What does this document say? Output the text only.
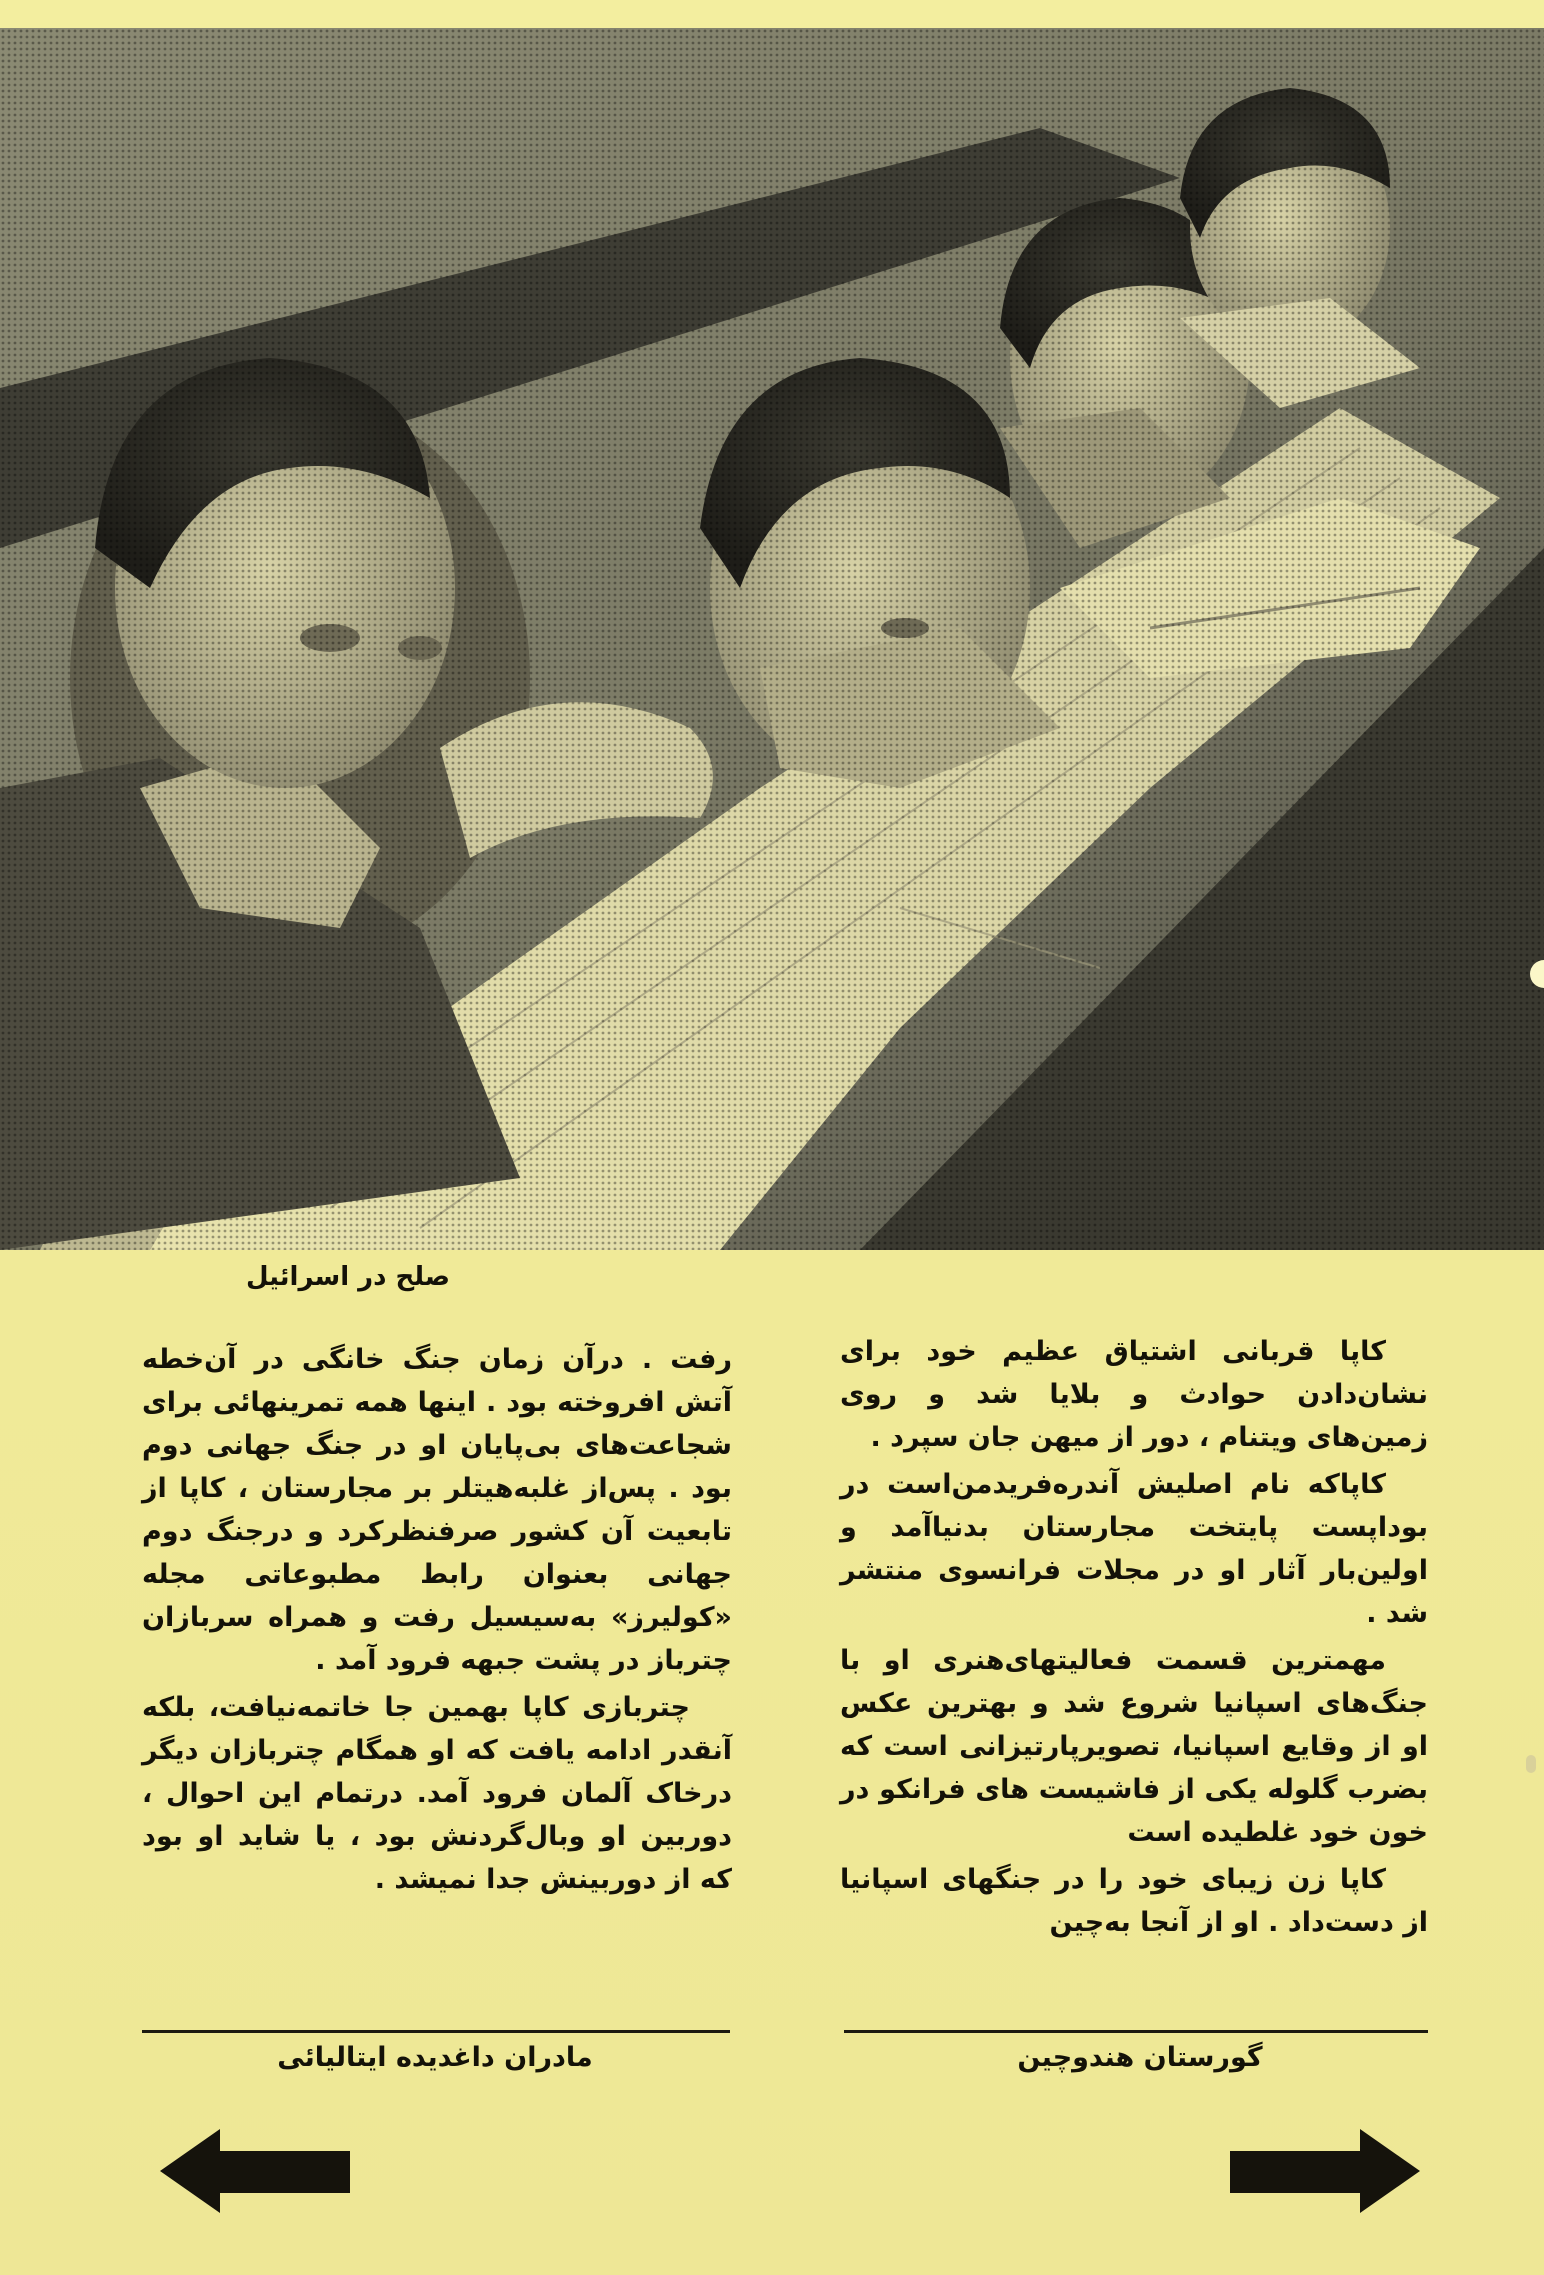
صلح در اسرائیل

کاپا قربانی اشتیاق عظیم خود برای نشان‌دادن حوادث و بلایا شد و روی زمین‌های ویتنام ، دور از میهن جان سپرد .

کاپاکه نام اصلیش آندره‌فریدمن‌است در بوداپست پایتخت مجارستان بدنیاآمد و اولین‌بار آثار او در مجلات فرانسوی منتشر شد .

مهمترین قسمت فعالیتهای‌هنری او با جنگ‌های اسپانیا شروع شد و بهترین عکس او از وقایع اسپانیا، تصویرپارتیزانی است که بضرب گلوله یکی از فاشیست های فرانکو در خون خود غلطیده است

کاپا زن زیبای خود را در جنگهای اسپانیا از دست‌داد . او از آنجا به‌چین

رفت . درآن زمان جنگ خانگی در آن‌خطه آتش افروخته بود . اینها همه تمرینهائی برای شجاعت‌های بی‌پایان او در جنگ جهانی دوم بود . پس‌از غلبه‌هیتلر بر مجارستان ، کاپا از تابعیت آن کشور صرفنظرکرد و درجنگ دوم جهانی بعنوان رابط مطبوعاتی مجله «کولیرز» به‌سیسیل رفت و همراه سربازان چترباز در پشت جبهه فرود آمد .

چتربازی کاپا بهمین جا خاتمه‌نیافت، بلکه آنقدر ادامه یافت که او همگام چتربازان دیگر درخاک آلمان فرود آمد. درتمام این احوال ، دوربین او وبال‌گردنش بود ، یا شاید او بود که از دوربینش جدا نمیشد .

مادران داغدیده ایتالیائی	گورستان هندوچین
